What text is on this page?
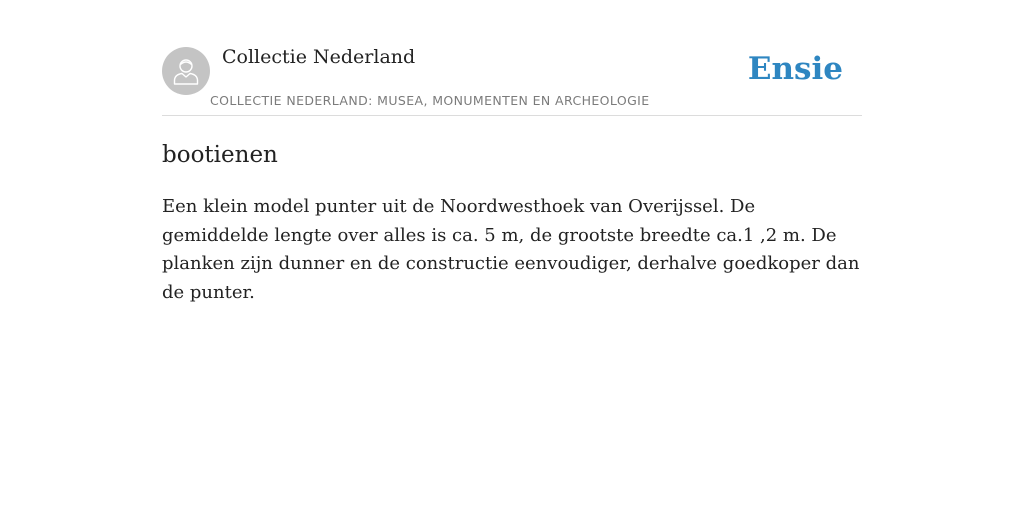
Collectie Nederland
COLLECTIE NEDERLAND: MUSEA, MONUMENTEN EN ARCHEOLOGIE
Ensie
bootienen

Een klein model punter uit de Noordwesthoek van Overijssel. De gemiddelde lengte over alles is ca. 5 m, de grootste breedte ca.1 ,2 m. De planken zijn dunner en de constructie eenvoudiger, derhalve goedkoper dan de punter.
